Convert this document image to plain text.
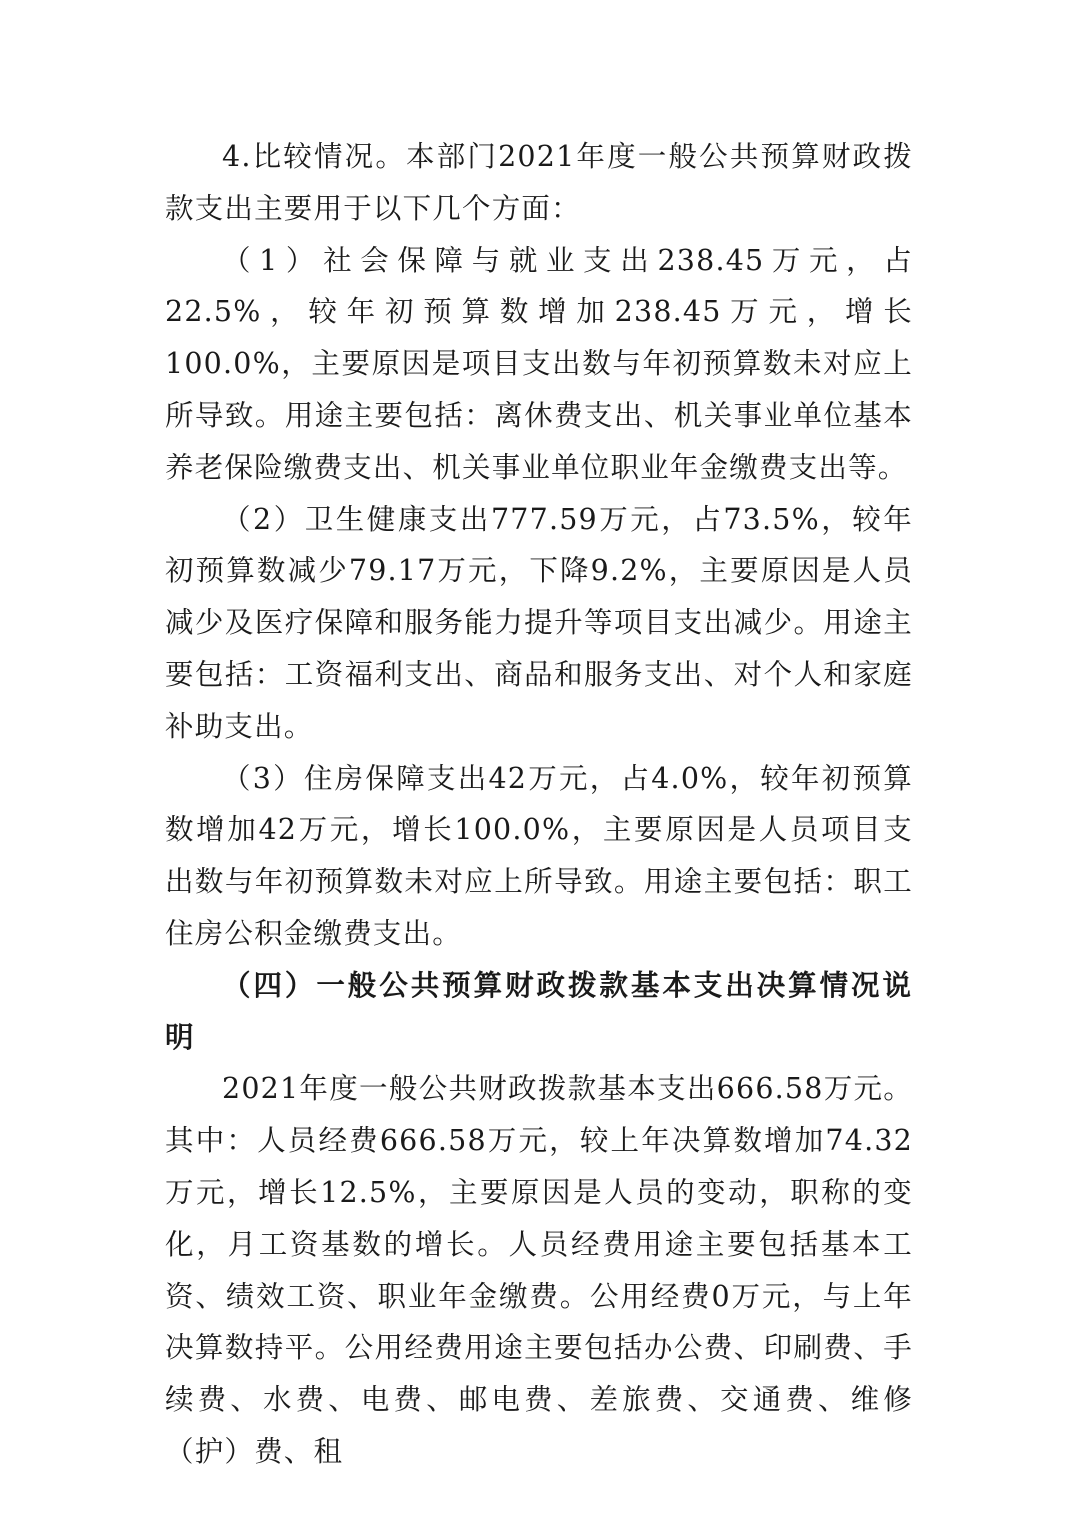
4.比较情况。本部门2021年度一般公共预算财政拨款支出主要用于以下几个方面：

（1）社会保障与就业支出238.45万元，占22.5%，较年初预算数增加238.45万元，增长100.0%，主要原因是项目支出数与年初预算数未对应上所导致。用途主要包括：离休费支出、机关事业单位基本养老保险缴费支出、机关事业单位职业年金缴费支出等。

（2）卫生健康支出777.59万元，占73.5%，较年初预算数减少79.17万元，下降9.2%，主要原因是人员减少及医疗保障和服务能力提升等项目支出减少。用途主要包括：工资福利支出、商品和服务支出、对个人和家庭补助支出。

（3）住房保障支出42万元，占4.0%，较年初预算数增加42万元，增长100.0%，主要原因是人员项目支出数与年初预算数未对应上所导致。用途主要包括：职工住房公积金缴费支出。

（四）一般公共预算财政拨款基本支出决算情况说明

2021年度一般公共财政拨款基本支出666.58万元。其中：人员经费666.58万元，较上年决算数增加74.32万元，增长12.5%，主要原因是人员的变动，职称的变化，月工资基数的增长。人员经费用途主要包括基本工资、绩效工资、职业年金缴费。公用经费0万元，与上年决算数持平。公用经费用途主要包括办公费、印刷费、手续费、水费、电费、邮电费、差旅费、交通费、维修（护）费、租
